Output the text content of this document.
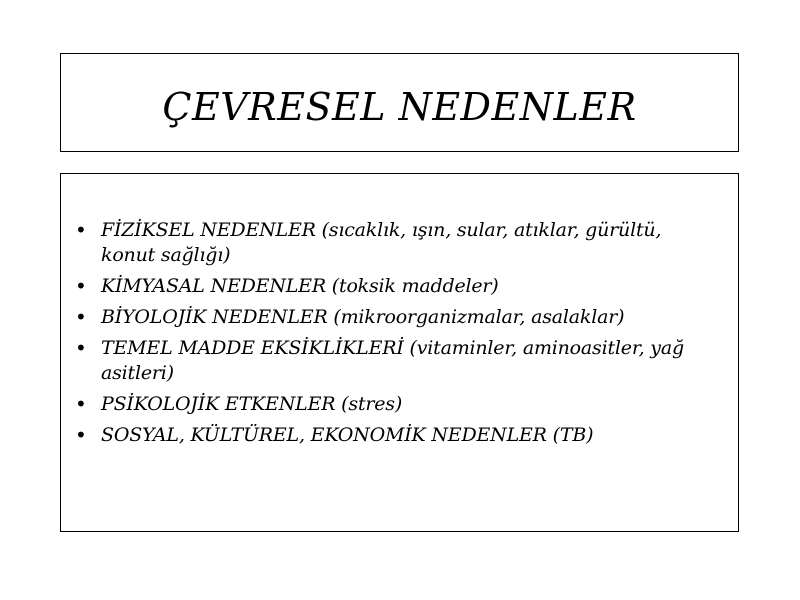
ÇEVRESEL NEDENLER
• FİZİKSEL NEDENLER (sıcaklık, ışın, sular, atıklar, gürültü, konut sağlığı)
• KİMYASAL NEDENLER (toksik maddeler)
• BİYOLOJİK NEDENLER (mikroorganizmalar, asalaklar)
• TEMEL MADDE EKSİKLİKLERİ (vitaminler, aminoasitler, yağ asitleri)
• PSİKOLOJİK ETKENLER (stres)
• SOSYAL, KÜLTÜREL, EKONOMİK NEDENLER (TB)
